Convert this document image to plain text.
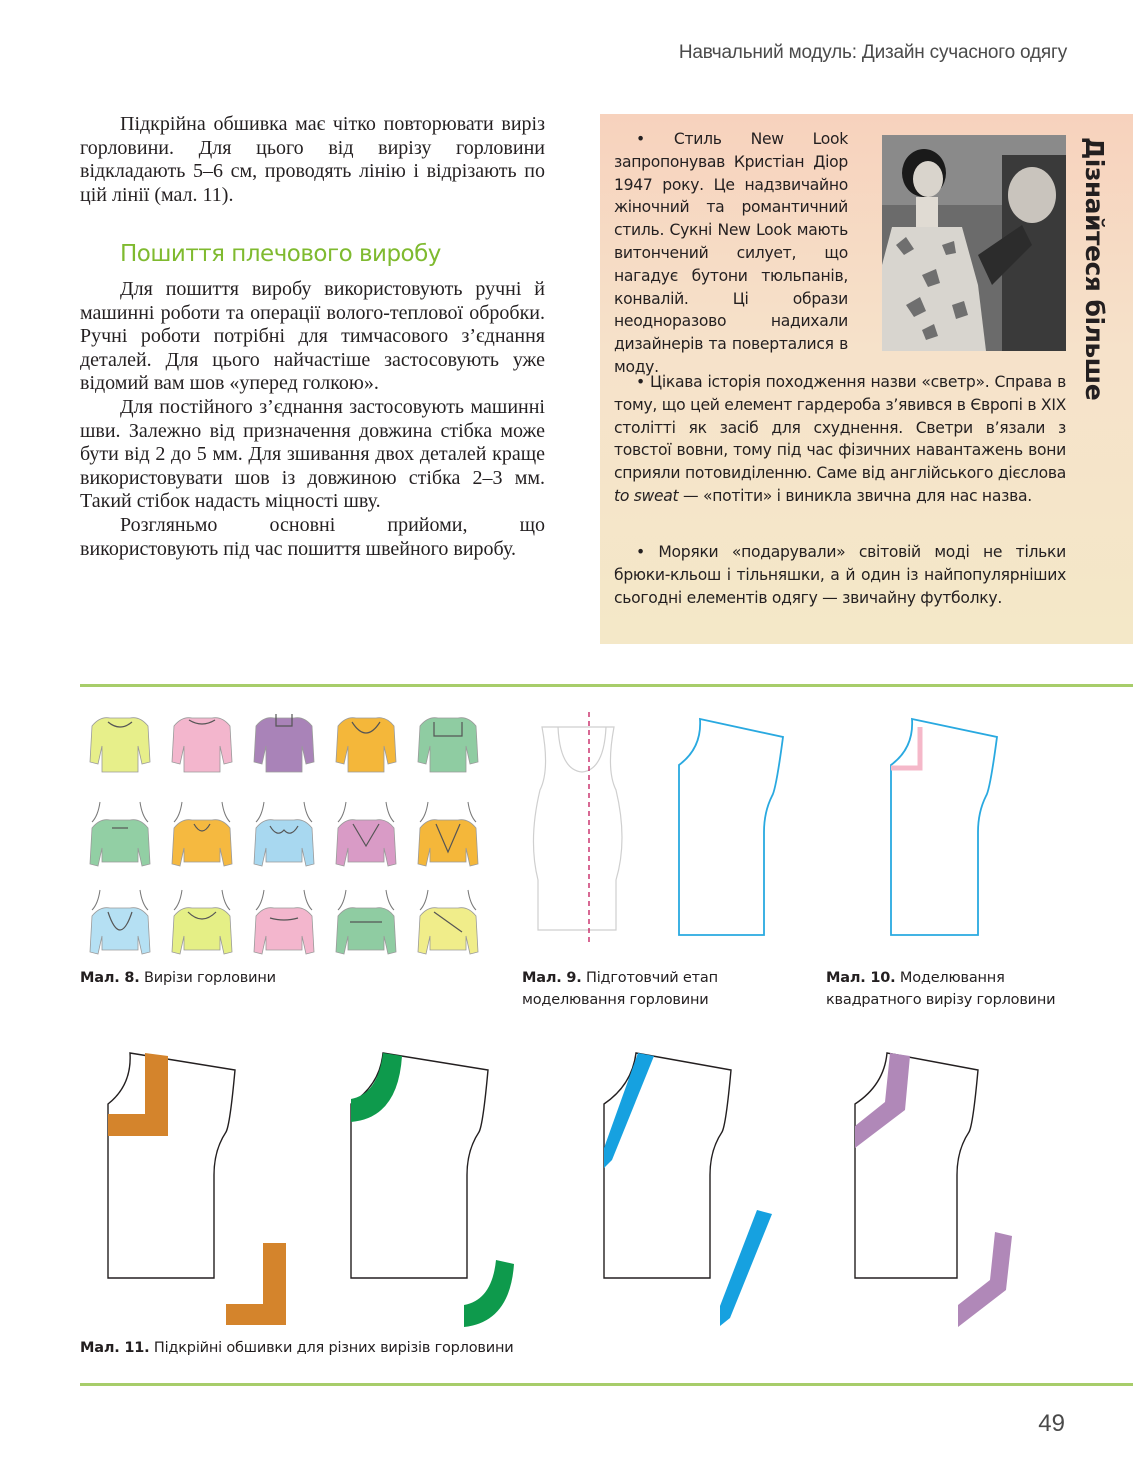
Навчальний модуль: Дизайн сучасного одягу

Підкрійна обшивка має чітко повторювати виріз горловини. Для цього від вирізу горловини відкладають 5–6 см, проводять лінію і відрізають по цій лінії (мал. 11).

Пошиття плечового виробу

Для пошиття виробу використовують ручні й машинні роботи та операції волого-теплової обробки. Ручні роботи потрібні для тимчасового з’єднання деталей. Для цього найчастіше застосовують уже відомий вам шов «уперед голкою».

Для постійного з’єднання застосовують машинні шви. Залежно від призначення довжина стібка може бути від 2 до 5 мм. Для зшивання двох деталей краще використовувати шов із довжиною стібка 2–3 мм. Такий стібок надасть міцності шву.

Розгляньмо основні прийоми, що використовують під час пошиття швейного виробу.

Дізнайтеся більше

• Стиль New Look запропонував Кристіан Діор 1947 року. Це надзвичайно жіночний та романтичний стиль. Сукні New Look мають витончений силует, що нагадує бутони тюльпанів, конвалій. Ці образи неодноразово надихали дизайнерів та поверталися в моду.

• Цікава історія походження назви «светр». Справа в тому, що цей елемент гардероба з’явився в Європі в XIX столітті як засіб для схуднення. Светри в’язали з товстої вовни, тому під час фізичних навантажень вони сприяли потовиділенню. Саме від англійського дієслова to sweat — «потіти» і виникла звична для нас назва.

• Моряки «подарували» світовій моді не тільки брюки-кльош і тільняшки, а й один із найпопулярніших сьогодні елементів одягу — звичайну футболку.

Мал. 8. Вирізи горловини	Мал. 9. Підготовчий етап моделювання горловини

Мал. 10. Моделювання квадратного вирізу горловини

Мал. 11. Підкрійні обшивки для різних вирізів горловини

49
